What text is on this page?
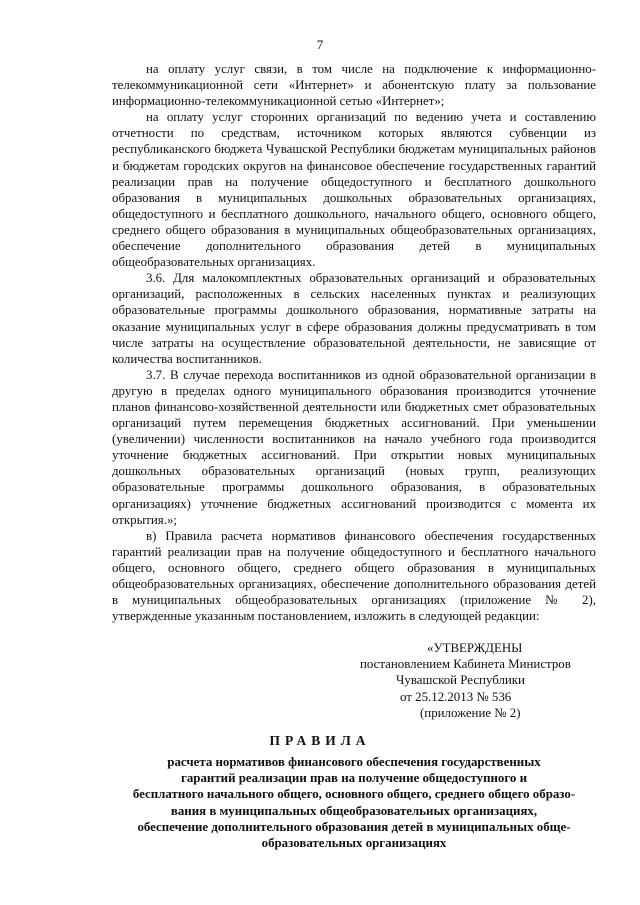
7

на оплату услуг связи, в том числе на подключение к информационно-телекоммуникационной сети «Интернет» и абонентскую плату за пользование информационно-телекоммуникационной сетью «Интернет»;

на оплату услуг сторонних организаций по ведению учета и составлению отчетности по средствам, источником которых являются субвенции из республиканского бюджета Чувашской Республики бюджетам муниципальных районов и бюджетам городских округов на финансовое обеспечение государственных гарантий реализации прав на получение общедоступного и бесплатного дошкольного образования в муниципальных дошкольных образовательных организациях, общедоступного и бесплатного дошкольного, начального общего, основного общего, среднего общего образования в муниципальных общеобразовательных организациях, обеспечение дополнительного образования детей в муниципальных общеобразовательных организациях.

3.6. Для малокомплектных образовательных организаций и образовательных организаций, расположенных в сельских населенных пунктах и реализующих образовательные программы дошкольного образования, нормативные затраты на оказание муниципальных услуг в сфере образования должны предусматривать в том числе затраты на осуществление образовательной деятельности, не зависящие от количества воспитанников.

3.7. В случае перехода воспитанников из одной образовательной организации в другую в пределах одного муниципального образования производится уточнение планов финансово-хозяйственной деятельности или бюджетных смет образовательных организаций путем перемещения бюджетных ассигнований. При уменьшении (увеличении) численности воспитанников на начало учебного года производится уточнение бюджетных ассигнований. При открытии новых муниципальных дошкольных образовательных организаций (новых групп, реализующих образовательные программы дошкольного образования, в образовательных организациях) уточнение бюджетных ассигнований производится с момента их открытия.»;

в) Правила расчета нормативов финансового обеспечения государственных гарантий реализации прав на получение общедоступного и бесплатного начального общего, основного общего, среднего общего образования в муниципальных общеобразовательных организациях, обеспечение дополнительного образования детей в муниципальных общеобразовательных организациях (приложение № 2), утвержденные указанным постановлением, изложить в следующей редакции:

«УТВЕРЖДЕНЫ
постановлением Кабинета Министров
Чувашской Республики
от 25.12.2013 № 536
(приложение № 2)
ПРАВИЛА
расчета нормативов финансового обеспечения государственных
гарантий реализации прав на получение общедоступного и
бесплатного начального общего, основного общего, среднего общего образо-
вания в муниципальных общеобразовательных организациях,
обеспечение дополнительного образования детей в муниципальных обще-
образовательных организациях
